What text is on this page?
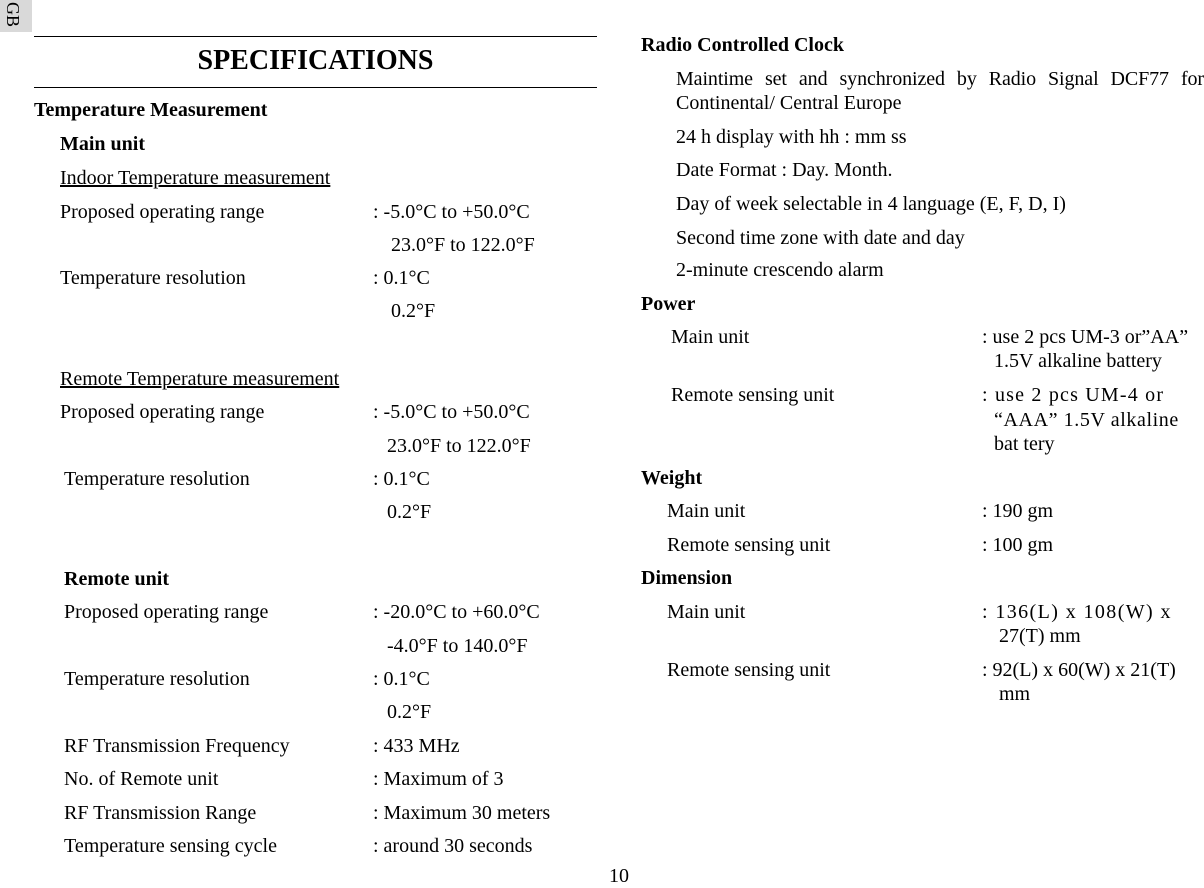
GB
SPECIFICATIONS
Temperature Measurement
Main unit
Indoor Temperature measurement
Proposed operating range	: -5.0°C to +50.0°C
23.0°F to 122.0°F
Temperature resolution	: 0.1°C
0.2°F
Remote Temperature measurement
Proposed operating range	: -5.0°C to +50.0°C
23.0°F to 122.0°F
Temperature resolution	: 0.1°C
0.2°F
Remote unit
Proposed operating range	: -20.0°C to +60.0°C
-4.0°F to 140.0°F
Temperature resolution	: 0.1°C
0.2°F
RF Transmission Frequency	: 433 MHz
No. of Remote unit	: Maximum of 3
RF Transmission Range	: Maximum 30 meters
Temperature sensing cycle	: around 30 seconds
Radio Controlled Clock
Maintime set and synchronized by Radio Signal DCF77 for
Continental/ Central Europe
24 h display with hh : mm ss
Date Format : Day. Month.
Day of week selectable in 4 language (E, F, D, I)
Second time zone with date and day
2-minute crescendo alarm
Power
Main unit	: use 2 pcs UM-3 or”AA”
1.5V alkaline battery
Remote sensing unit	: use 2 pcs UM-4 or
“AAA” 1.5V alkaline
bat tery
Weight
Main unit	: 190 gm
Remote sensing unit	: 100 gm
Dimension
Main unit	: 136(L) x 108(W) x
27(T) mm
Remote sensing unit	: 92(L) x 60(W) x 21(T)
mm
10
